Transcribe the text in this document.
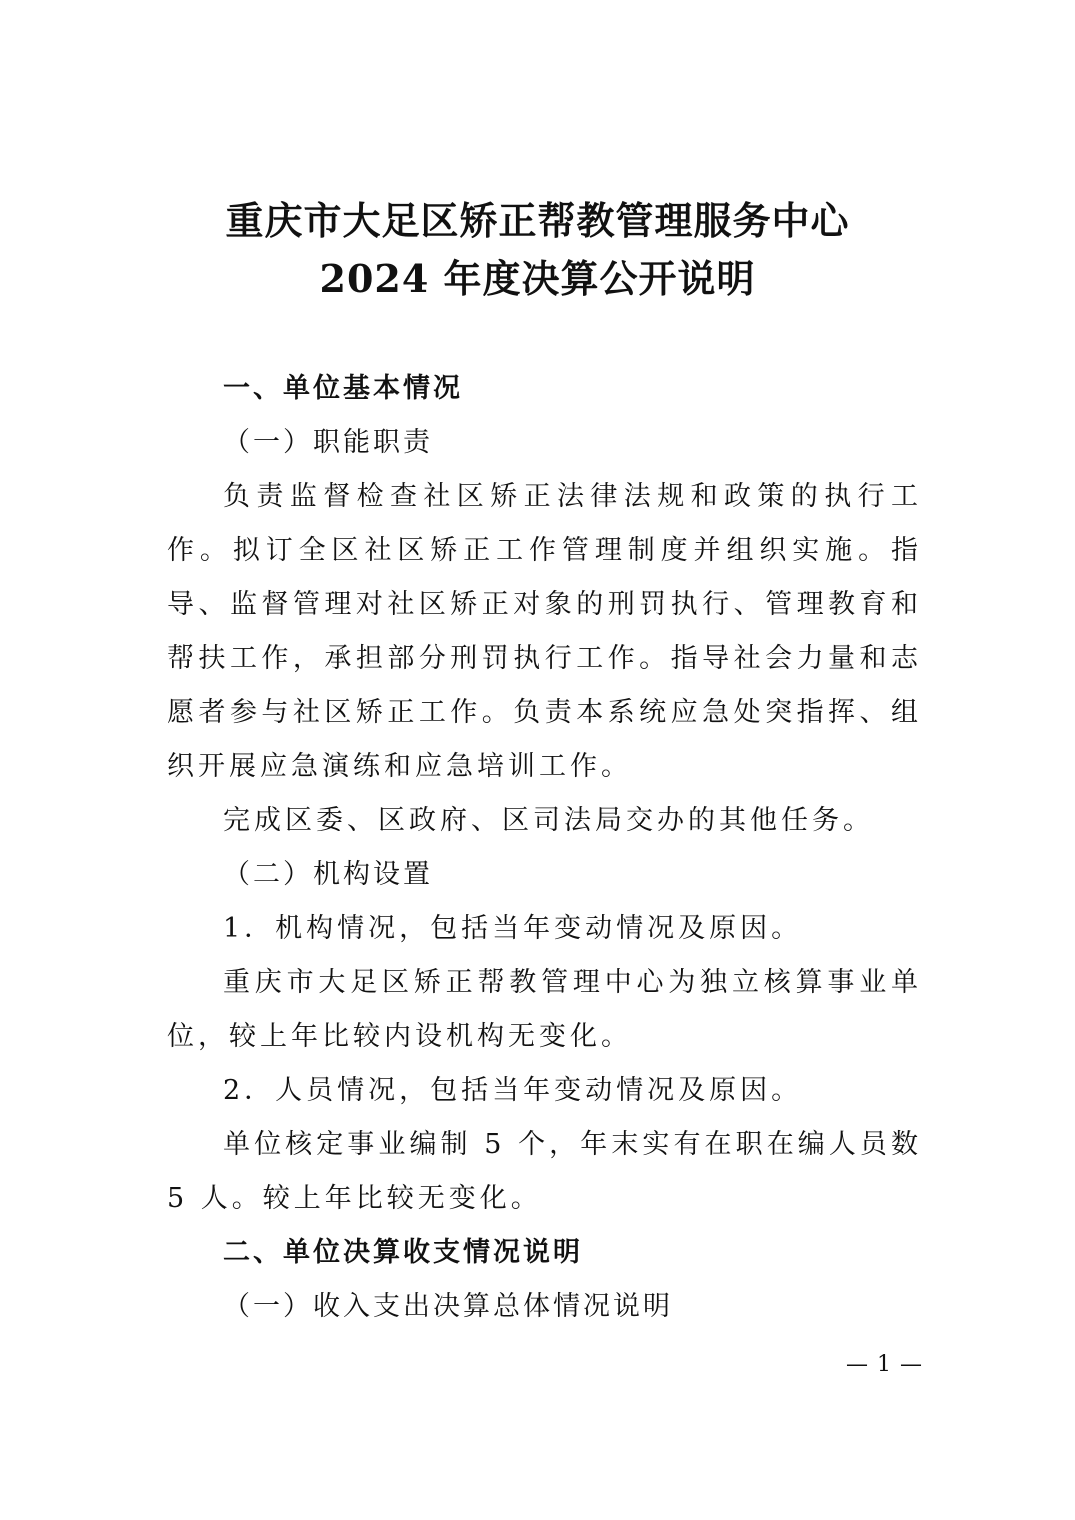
重庆市大足区矫正帮教管理服务中心
2024 年度决算公开说明

一、单位基本情况

（一）职能职责

负责监督检查社区矫正法律法规和政策的执行工作。拟订全区社区矫正工作管理制度并组织实施。指导、监督管理对社区矫正对象的刑罚执行、管理教育和帮扶工作，承担部分刑罚执行工作。指导社会力量和志愿者参与社区矫正工作。负责本系统应急处突指挥、组织开展应急演练和应急培训工作。

完成区委、区政府、区司法局交办的其他任务。

（二）机构设置

1．机构情况，包括当年变动情况及原因。

重庆市大足区矫正帮教管理中心为独立核算事业单位，较上年比较内设机构无变化。

2．人员情况，包括当年变动情况及原因。

单位核定事业编制 5 个，年末实有在职在编人员数 5 人。较上年比较无变化。

二、单位决算收支情况说明

（一）收入支出决算总体情况说明

— 1 —
